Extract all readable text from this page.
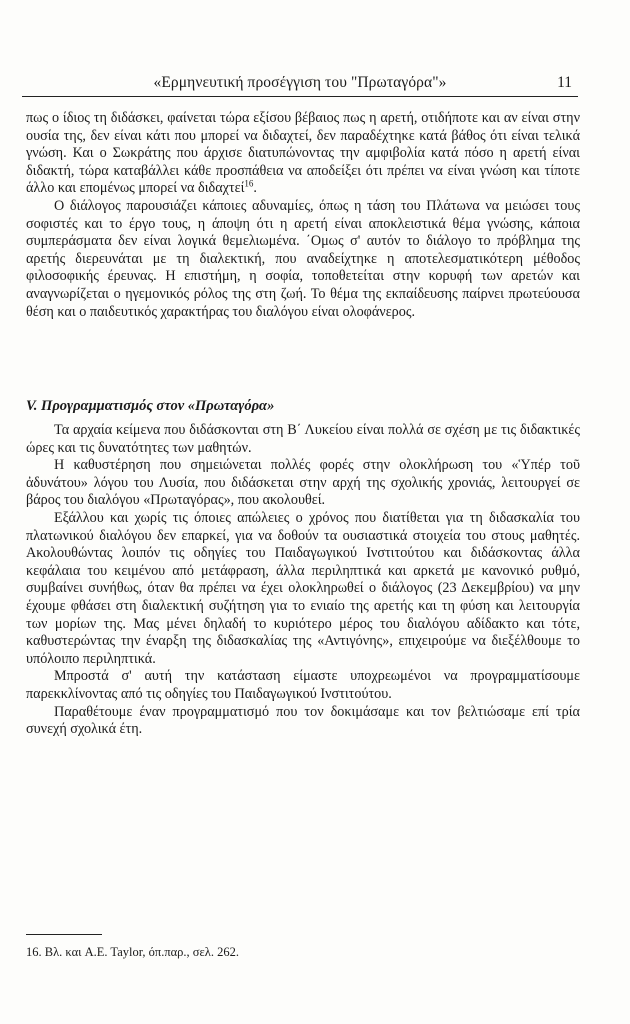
«Ερμηνευτική προσέγγιση του "Πρωταγόρα"»	11

πως ο ίδιος τη διδάσκει, φαίνεται τώρα εξίσου βέβαιος πως η αρετή, οτιδήποτε και αν είναι στην ουσία της, δεν είναι κάτι που μπορεί να διδαχτεί, δεν παραδέχτηκε κατά βάθος ότι είναι τελικά γνώση. Και ο Σωκράτης που άρχισε διατυπώνοντας την αμφιβολία κατά πόσο η αρετή είναι διδακτή, τώρα καταβάλλει κάθε προσπάθεια να αποδείξει ότι πρέπει να είναι γνώση και τίποτε άλλο και επομένως μπορεί να διδαχτεί$^{16}$.

Ο διάλογος παρουσιάζει κάποιες αδυναμίες, όπως η τάση του Πλάτωνα να μειώσει τους σοφιστές και το έργο τους, η άποψη ότι η αρετή είναι αποκλειστικά θέμα γνώσης, κάποια συμπεράσματα δεν είναι λογικά θεμελιωμένα. ΄Ομως σ' αυτόν το διάλογο το πρόβλημα της αρετής διερευνάται με τη διαλεκτική, που αναδείχτηκε η αποτελεσματικότερη μέθοδος φιλοσοφικής έρευνας. Η επιστήμη, η σοφία, τοποθετείται στην κορυφή των αρετών και αναγνωρίζεται ο ηγεμονικός ρόλος της στη ζωή. Το θέμα της εκπαίδευσης παίρνει πρωτεύουσα θέση και ο παιδευτικός χαρακτήρας του διαλόγου είναι ολοφάνερος.

V. Προγραμματισμός στον «Πρωταγόρα»

Τα αρχαία κείμενα που διδάσκονται στη Β΄ Λυκείου είναι πολλά σε σχέση με τις διδακτικές ώρες και τις δυνατότητες των μαθητών.

Η καθυστέρηση που σημειώνεται πολλές φορές στην ολοκλήρωση του «Ὑπέρ τοῦ ἀδυνάτου» λόγου του Λυσία, που διδάσκεται στην αρχή της σχολικής χρονιάς, λειτουργεί σε βάρος του διαλόγου «Πρωταγόρας», που ακολουθεί.

Εξάλλου και χωρίς τις όποιες απώλειες ο χρόνος που διατίθεται για τη διδασκαλία του πλατωνικού διαλόγου δεν επαρκεί, για να δοθούν τα ουσιαστικά στοιχεία του στους μαθητές. Ακολουθώντας λοιπόν τις οδηγίες του Παιδαγωγικού Ινστιτούτου και διδάσκοντας άλλα κεφάλαια του κειμένου από μετάφραση, άλλα περιληπτικά και αρκετά με κανονικό ρυθμό, συμβαίνει συνήθως, όταν θα πρέπει να έχει ολοκληρωθεί ο διάλογος (23 Δεκεμβρίου) να μην έχουμε φθάσει στη διαλεκτική συζήτηση για το ενιαίο της αρετής και τη φύση και λειτουργία των μορίων της. Μας μένει δηλαδή το κυριότερο μέρος του διαλόγου αδίδακτο και τότε, καθυστερώντας την έναρξη της διδασκαλίας της «Αντιγόνης», επιχειρούμε να διεξέλθουμε το υπόλοιπο περιληπτικά.

Μπροστά σ' αυτή την κατάσταση είμαστε υποχρεωμένοι να προγραμματίσουμε παρεκκλίνοντας από τις οδηγίες του Παιδαγωγικού Ινστιτούτου.

Παραθέτουμε έναν προγραμματισμό που τον δοκιμάσαμε και τον βελτιώσαμε επί τρία συνεχή σχολικά έτη.

16. Βλ. και A.E. Taylor, όπ.παρ., σελ. 262.
